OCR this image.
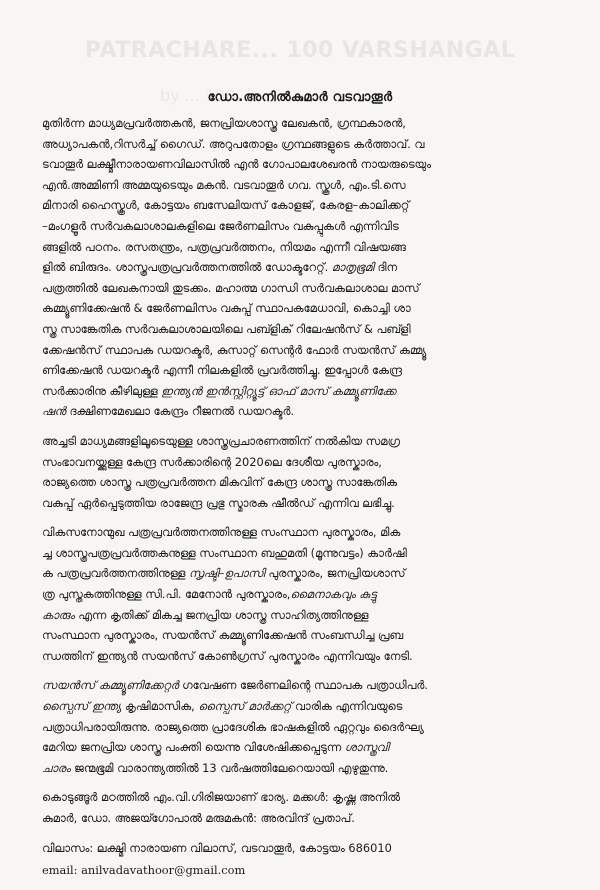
PATRACHARE... 100 VARSHANGAL
by ... 100
ഡോ.അനിൽകുമാർ വടവാതൂർ

മുതിർന്ന മാധ്യമപ്രവർത്തകൻ, ജനപ്രിയശാസ്ത്ര ലേഖകൻ, ഗ്രന്ഥകാരൻ,
അധ്യാപകൻ,റിസർച്ച് ഗൈഡ്. അറുപതോളം ഗ്രന്ഥങ്ങളുടെ കർത്താവ്. വ
ടവാതൂർ ലക്ഷ്മീനാരായണവിലാസിൽ എൻ ഗോപാലശേഖരൻ നായരുടെയും
എൻ.അമ്മിണി അമ്മയുടെയും മകൻ. വടവാതൂർ ഗവ. സ്കൂൾ, എം.ടി.സെ
മിനാരി ഹൈസ്കൂൾ, കോട്ടയം ബസേലിയസ് കോളജ്, കേരള–കാലിക്കറ്റ്
–മംഗളൂർ സർവകലാശാലകളിലെ ജേർണലിസം വകുപ്പുകൾ എന്നിവിട
ങ്ങളിൽ പഠനം. രസതന്ത്രം, പത്രപ്രവർത്തനം, നിയമം എന്നീ വിഷയങ്ങ
ളിൽ ബിരുദം. ശാസ്ത്രപത്രപ്രവർത്തനത്തിൽ ഡോക്ടറേറ്റ്. മാതൃഭൂമി ദിന
പത്രത്തിൽ ലേഖകനായി തുടക്കം. മഹാത്മ ഗാന്ധി സർവകലാശാല മാസ്
കമ്മ്യൂണിക്കേഷൻ & ജേർണലിസം വകുപ്പ് സ്ഥാപകമേധാവി, കൊച്ചി ശാ
സ്ത്ര സാങ്കേതിക സർവകലാശാലയിലെ പബ്ളിക് റിലേഷൻസ് & പബ്ളി
ക്കേഷൻസ് സ്ഥാപക ഡയറക്ടർ, കുസാറ്റ് സെന്റർ ഫോർ സയൻസ് കമ്മ്യൂ
ണിക്കേഷൻ ഡയറക്ടർ എന്നീ നിലകളിൽ പ്രവർത്തിച്ചു. ഇപ്പോൾ കേന്ദ്ര
സർക്കാരിനു കീഴിലുള്ള ഇന്ത്യൻ ഇൻസ്റ്റിറ്റ്യൂട്ട് ഓഫ് മാസ് കമ്മ്യൂണിക്കേ
ഷൻ ദക്ഷിണമേഖലാ കേന്ദ്രം റീജനൽ ഡയറക്ടർ.

അച്ചടി മാധ്യമങ്ങളിലൂടെയുള്ള ശാസ്ത്രപ്രചാരണത്തിന് നൽകിയ സമഗ്ര
സംഭാവനയ്ക്കുള്ള കേന്ദ്ര സർക്കാരിന്റെ 2020ലെ ദേശീയ പുരസ്കാരം,
രാജ്യത്തെ ശാസ്ത്ര പത്രപ്രവർത്തന മികവിന് കേന്ദ്ര ശാസ്ത്ര സാങ്കേതിക
വകുപ്പ് ഏർപ്പെടുത്തിയ രാജേന്ദ്ര പ്രഭു സ്മാരക ഷീൽഡ് എന്നിവ ലഭിച്ചു.

വികസനോന്മുഖ പത്രപ്രവർത്തനത്തിനുള്ള സംസ്ഥാന പുരസ്കാരം, മിക
ച്ച ശാസ്ത്രപത്രപ്രവർത്തകനുള്ള സംസ്ഥാന ബഹുമതി (മൂന്നുവട്ടം) കാർഷി
ക പത്രപ്രവർത്തനത്തിനുള്ള സൃഷ്ടി–ഉപാസി പുരസ്കാരം, ജനപ്രിയശാസ്
ത്ര പുസ്തകത്തിനുള്ള സി.പി. മേനോൻ പുരസ്കാരം,മൈനാകവും കുട്ടു
കാരും എന്ന കൃതിക്ക് മികച്ച ജനപ്രിയ ശാസ്ത്ര സാഹിത്യത്തിനുള്ള
സംസ്ഥാന പുരസ്കാരം, സയൻസ് കമ്മ്യൂണിക്കേഷൻ സംബന്ധിച്ച പ്രബ
ന്ധത്തിന് ഇന്ത്യൻ സയൻസ് കോൺഗ്രസ് പുരസ്കാരം എന്നിവയും നേടി.

സയൻസ് കമ്മ്യൂണിക്കേറ്റർ ഗവേഷണ ജേർണലിന്റെ സ്ഥാപക പത്രാധിപർ.
സ്പൈസ് ഇന്ത്യ കൃഷിമാസിക, സ്പൈസ് മാർക്കറ്റ് വാരിക എന്നിവയുടെ
പത്രാധിപരായിരുന്നു. രാജ്യത്തെ പ്രാദേശിക ഭാഷകളിൽ ഏറ്റവും ദൈർഘ്യ
മേറിയ ജനപ്രിയ ശാസ്ത്ര പംക്തി യെന്നു വിശേഷിക്കപ്പെടുന്ന ശാസ്ത്രവി
ചാരം ജന്മഭൂമി വാരാന്ത്യത്തിൽ 13 വർഷത്തിലേറെയായി എഴുതുന്നു.

കൊടുങ്ങൂർ മഠത്തിൽ എം.വി.ഗിരിജയാണ് ഭാര്യ. മക്കൾ: കൃഷ്ണ അനിൽ
കുമാർ, ഡോ. അജയ്ഗോപാൽ മരുമകൻ: അരവിന്ദ് പ്രതാപ്.

വിലാസം: ലക്ഷ്മി നാരായണ വിലാസ്, വടവാതൂർ, കോട്ടയം 686010

email: anilvadavathoor@gmail.com
